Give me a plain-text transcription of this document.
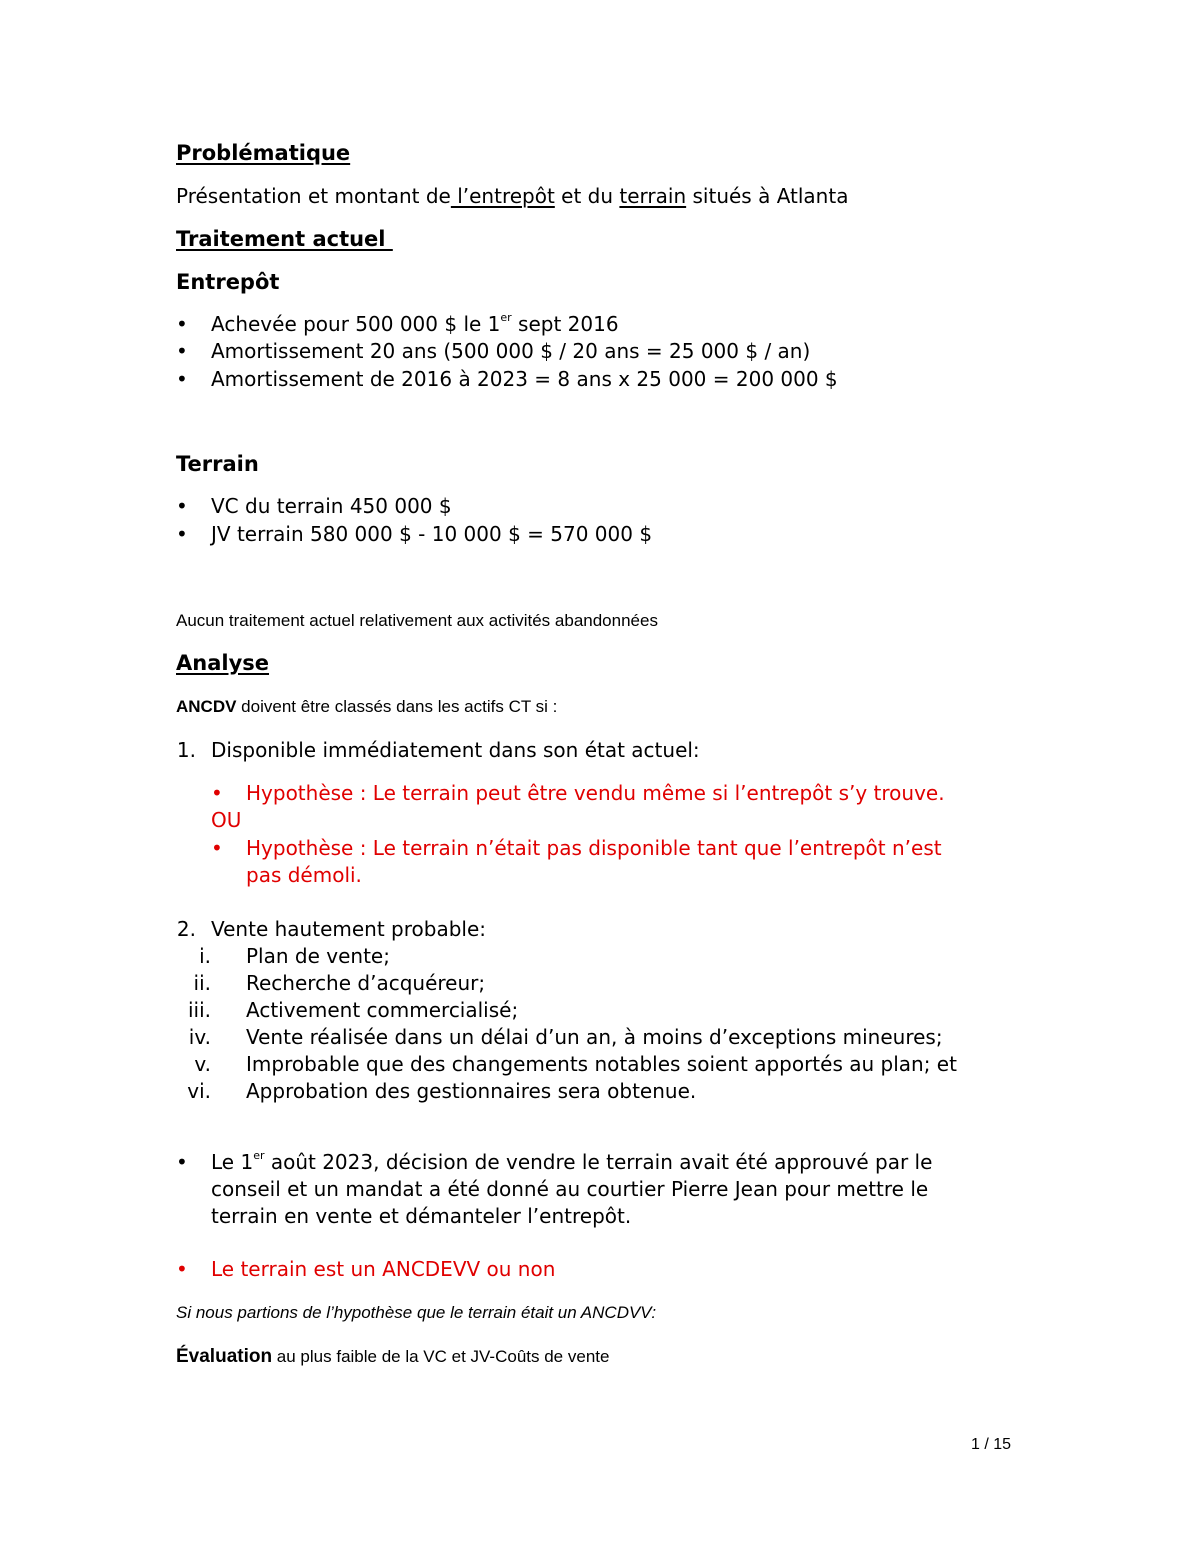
Problématique
Présentation et montant de l’entrepôt et du terrain situés à Atlanta
Traitement actuel
Entrepôt
• Achevée pour 500 000 $ le 1er sept 2016
• Amortissement 20 ans (500 000 $ / 20 ans = 25 000 $ / an)
• Amortissement de 2016 à 2023 = 8 ans x 25 000 = 200 000 $
Terrain
• VC du terrain 450 000 $
• JV terrain 580 000 $ - 10 000 $ = 570 000 $
Aucun traitement actuel relativement aux activités abandonnées
Analyse
ANCDV doivent être classés dans les actifs CT si :
1. Disponible immédiatement dans son état actuel:
• Hypothèse : Le terrain peut être vendu même si l’entrepôt s’y trouve.
OU
• Hypothèse : Le terrain n’était pas disponible tant que l’entrepôt n’est
pas démoli.
2. Vente hautement probable:
i. Plan de vente;
ii. Recherche d’acquéreur;
iii. Activement commercialisé;
iv. Vente réalisée dans un délai d’un an, à moins d’exceptions mineures;
v. Improbable que des changements notables soient apportés au plan; et
vi. Approbation des gestionnaires sera obtenue.
• Le 1er août 2023, décision de vendre le terrain avait été approuvé par le
conseil et un mandat a été donné au courtier Pierre Jean pour mettre le
terrain en vente et démanteler l’entrepôt.
• Le terrain est un ANCDEVV ou non
Si nous partions de l’hypothèse que le terrain était un ANCDVV:
Évaluation au plus faible de la VC et JV-Coûts de vente
1 / 15
